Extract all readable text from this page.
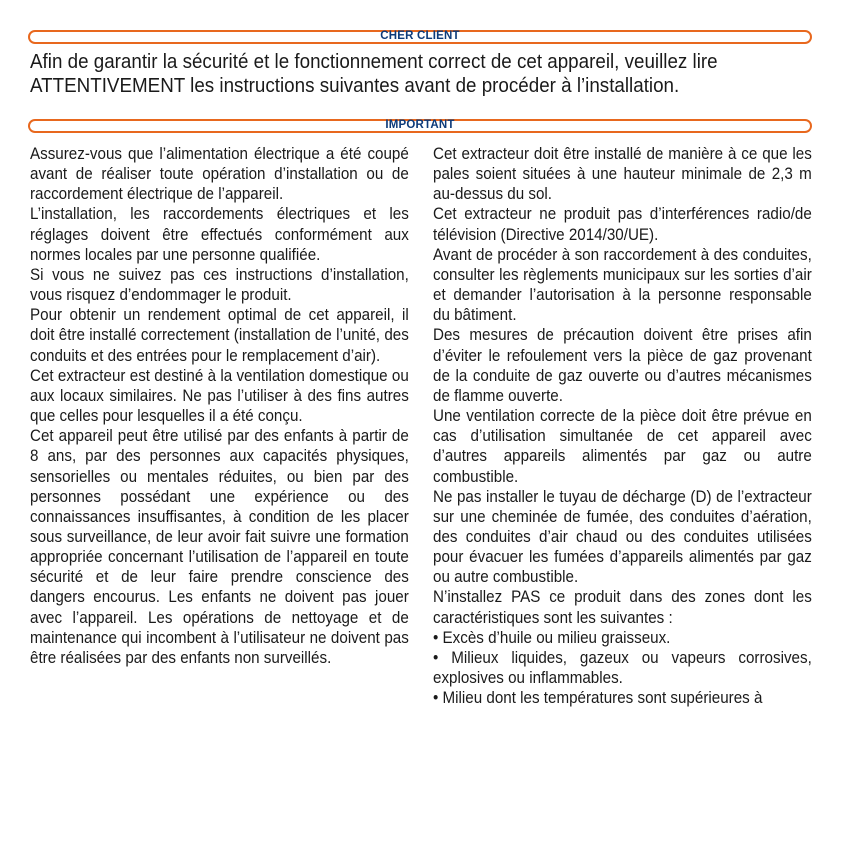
CHER CLIENT

Afin de garantir la sécurité et le fonctionnement correct de cet appareil, veuillez lire ATTENTIVEMENT les instructions suivantes avant de procéder à l’installation.

IMPORTANT

Assurez-vous que l’alimentation électrique a été coupé avant de réaliser toute opération d’installation ou de raccordement électrique de l’appareil.

L’installation, les raccordements électriques et les réglages doivent être effectués conformément aux normes locales par une personne qualifiée.

Si vous ne suivez pas ces instructions d’installation, vous risquez d’endommager le produit.

Pour obtenir un rendement optimal de cet appareil, il doit être installé correctement (installation de l’unité, des conduits et des entrées pour le remplacement d’air).

Cet extracteur est destiné à la ventilation domestique ou aux locaux similaires. Ne pas l’utiliser à des fins autres que celles pour lesquelles il a été conçu.

Cet appareil peut être utilisé par des enfants à partir de 8 ans, par des personnes aux capacités physiques, sensorielles ou mentales réduites, ou bien par des personnes possédant une expérience ou des connaissances insuffisantes, à condition de les placer sous surveillance, de leur avoir fait suivre une formation appropriée concernant l’utilisation de l’appareil en toute sécurité et de leur faire prendre conscience des dangers encourus. Les enfants ne doivent pas jouer avec l’appareil. Les opérations de nettoyage et de maintenance qui incombent à l’utilisateur ne doivent pas être réalisées par des enfants non surveillés.

Cet extracteur doit être installé de manière à ce que les pales soient situées à une hauteur minimale de 2,3 m au-dessus du sol.

Cet extracteur ne produit pas d’interférences radio/de télévision (Directive 2014/30/UE).

Avant de procéder à son raccordement à des conduites, consulter les règlements municipaux sur les sorties d’air et demander l’autorisation à la personne responsable du bâtiment.

Des mesures de précaution doivent être prises afin d’éviter le refoulement vers la pièce de gaz provenant de la conduite de gaz ouverte ou d’autres mécanismes de flamme ouverte.

Une ventilation correcte de la pièce doit être prévue en cas d’utilisation simultanée de cet appareil avec d’autres appareils alimentés par gaz ou autre combustible.

Ne pas installer le tuyau de décharge (D) de l’extracteur sur une cheminée de fumée, des conduites d’aération, des conduites d’air chaud ou des conduites utilisées pour évacuer les fumées d’appareils alimentés par gaz ou autre combustible.

N’installez PAS ce produit dans des zones dont les caractéristiques sont les suivantes :

• Excès d’huile ou milieu graisseux.

• Milieux liquides, gazeux ou vapeurs corrosives, explosives ou inflammables.

• Milieu dont les températures sont supérieures à
